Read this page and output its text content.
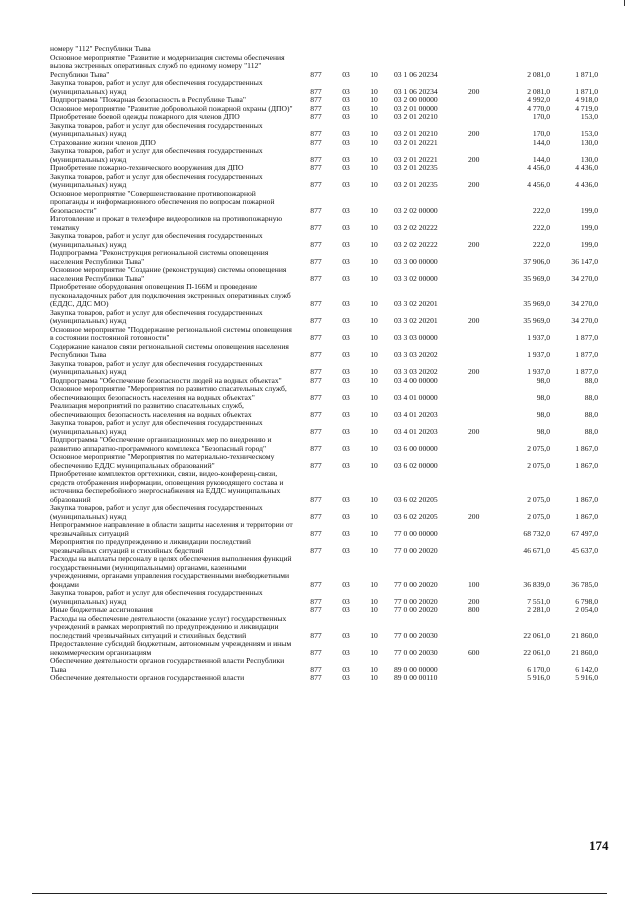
номеру "112" Республики Тыва							
Основное мероприятие "Развитие и модернизация системы обеспечения вызова экстренных оперативных служб по единому номеру "112" Республики Тыва"	877	03	10	03 1 06 20234		2 081,0	1 871,0
Закупка товаров, работ и услуг для обеспечения государственных (муниципальных) нужд	877	03	10	03 1 06 20234	200	2 081,0	1 871,0
Подпрограмма "Пожарная безопасность в Республике Тыва"	877	03	10	03 2 00 00000		4 992,0	4 918,0
Основное мероприятие "Развитие добровольной пожарной охраны (ДПО)"	877	03	10	03 2 01 00000		4 770,0	4 719,0
Приобретение боевой одежды пожарного для членов ДПО	877	03	10	03 2 01 20210		170,0	153,0
Закупка товаров, работ и услуг для обеспечения государственных (муниципальных) нужд	877	03	10	03 2 01 20210	200	170,0	153,0
Страхование жизни членов ДПО	877	03	10	03 2 01 20221		144,0	130,0
Закупка товаров, работ и услуг для обеспечения государственных (муниципальных) нужд	877	03	10	03 2 01 20221	200	144,0	130,0
Приобретение пожарно-технического вооружения для ДПО	877	03	10	03 2 01 20235		4 456,0	4 436,0
Закупка товаров, работ и услуг для обеспечения государственных (муниципальных) нужд	877	03	10	03 2 01 20235	200	4 456,0	4 436,0
Основное мероприятие "Совершенствование противопожарной пропаганды и информационного обеспечения по вопросам пожарной безопасности"	877	03	10	03 2 02 00000		222,0	199,0
Изготовление и прокат в телеэфире видеороликов на противопожарную тематику	877	03	10	03 2 02 20222		222,0	199,0
Закупка товаров, работ и услуг для обеспечения государственных (муниципальных) нужд	877	03	10	03 2 02 20222	200	222,0	199,0
Подпрограмма "Реконструкция региональной системы оповещения населения Республики Тыва"	877	03	10	03 3 00 00000		37 906,0	36 147,0
Основное мероприятие "Создание (реконструкция) системы оповещения населения Республики Тыва"	877	03	10	03 3 02 00000		35 969,0	34 270,0
Приобретение оборудования оповещения П-166М и проведение пусконаладочных работ для подключения экстренных оперативных служб (ЕДДС, ДДС МО)	877	03	10	03 3 02 20201		35 969,0	34 270,0
Закупка товаров, работ и услуг для обеспечения государственных (муниципальных) нужд	877	03	10	03 3 02 20201	200	35 969,0	34 270,0
Основное мероприятие "Поддержание региональной системы оповещения в состоянии постоянной готовности"	877	03	10	03 3 03 00000		1 937,0	1 877,0
Содержание каналов связи региональной системы оповещения населения Республики Тыва	877	03	10	03 3 03 20202		1 937,0	1 877,0
Закупка товаров, работ и услуг для обеспечения государственных (муниципальных) нужд	877	03	10	03 3 03 20202	200	1 937,0	1 877,0
Подпрограмма "Обеспечение безопасности людей на водных объектах"	877	03	10	03 4 00 00000		98,0	88,0
Основное мероприятие "Мероприятия по развитию спасательных служб, обеспечивающих безопасность населения на водных объектах"	877	03	10	03 4 01 00000		98,0	88,0
Реализация мероприятий по развитию спасательных служб, обеспечивающих безопасность населения на водных объектах	877	03	10	03 4 01 20203		98,0	88,0
Закупка товаров, работ и услуг для обеспечения государственных (муниципальных) нужд	877	03	10	03 4 01 20203	200	98,0	88,0
Подпрограмма "Обеспечение организационных мер по внедрению и развитию аппаратно-программного комплекса "Безопасный город"	877	03	10	03 6 00 00000		2 075,0	1 867,0
Основное мероприятие "Мероприятия по материально-техническому обеспечению ЕДДС муниципальных образований"	877	03	10	03 6 02 00000		2 075,0	1 867,0
Приобретение комплектов оргтехники, связи, видео-конференц-связи, средств отображения информации, оповещения руководящего состава и источника бесперебойного энергоснабжения на ЕДДС муниципальных образований	877	03	10	03 6 02 20205		2 075,0	1 867,0
Закупка товаров, работ и услуг для обеспечения государственных (муниципальных) нужд	877	03	10	03 6 02 20205	200	2 075,0	1 867,0
Непрограммное направление в области защиты населения и территории от чрезвычайных ситуаций	877	03	10	77 0 00 00000		68 732,0	67 497,0
Мероприятия по предупреждению и ликвидации последствий чрезвычайных ситуаций и стихийных бедствий	877	03	10	77 0 00 20020		46 671,0	45 637,0
Расходы на выплаты персоналу в целях обеспечения выполнения функций государственными (муниципальными) органами, казенными учреждениями, органами управления государственными внебюджетными фондами	877	03	10	77 0 00 20020	100	36 839,0	36 785,0
Закупка товаров, работ и услуг для обеспечения государственных (муниципальных) нужд	877	03	10	77 0 00 20020	200	7 551,0	6 798,0
Иные бюджетные ассигнования	877	03	10	77 0 00 20020	800	2 281,0	2 054,0
Расходы на обеспечение деятельности (оказание услуг) государственных учреждений в рамках мероприятий по предупреждению и ликвидации последствий чрезвычайных ситуаций и стихийных бедствий	877	03	10	77 0 00 20030		22 061,0	21 860,0
Предоставление субсидий бюджетным, автономным учреждениям и иным некоммерческим организациям	877	03	10	77 0 00 20030	600	22 061,0	21 860,0
Обеспечение деятельности органов государственной власти Республики Тыва	877	03	10	89 0 00 00000		6 170,0	6 142,0
Обеспечение деятельности органов государственной власти	877	03	10	89 0 00 00110		5 916,0	5 916,0
174
